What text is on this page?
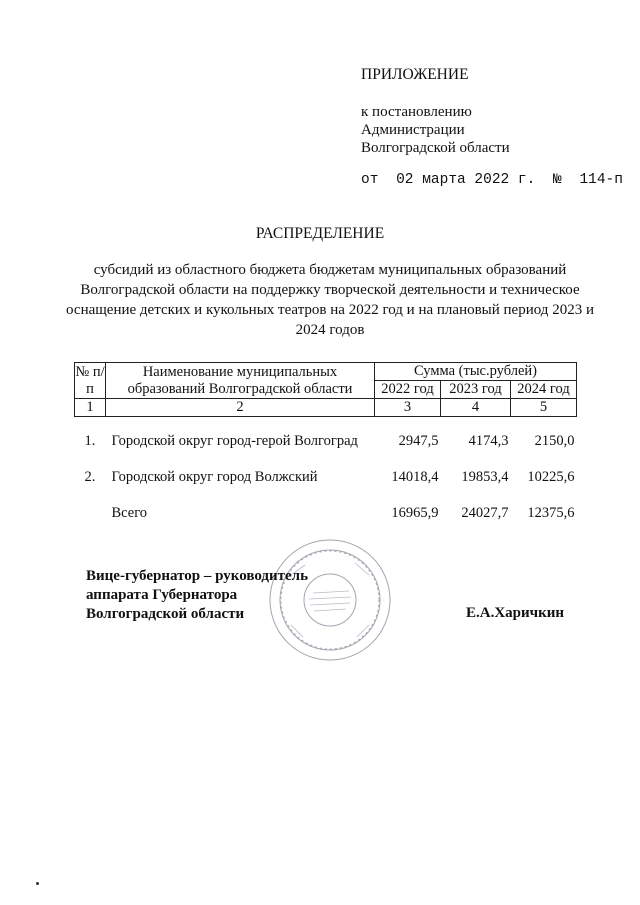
ПРИЛОЖЕНИЕ
к постановлению
Администрации
Волгоградской области
от 02 марта 2022 г. № 114-п
РАСПРЕДЕЛЕНИЕ
субсидий из областного бюджета бюджетам муниципальных образований Волгоградской области на поддержку творческой деятельности и техническое оснащение детских и кукольных театров на 2022 год и на плановый период 2023 и 2024 годов
№ п/п	Наименование муниципальных образований Волгоградской области	Сумма (тыс.рублей)		
		2022 год	2023 год	2024 год
1	2	3	4	5
1.	Городской округ город-герой Волгоград	2947,5	4174,3	2150,0
2.	Городской округ город Волжский	14018,4	19853,4	10225,6
	Всего	16965,9	24027,7	12375,6
Вице-губернатор – руководитель
аппарата Губернатора
Волгоградской области	Е.А.Харичкин
